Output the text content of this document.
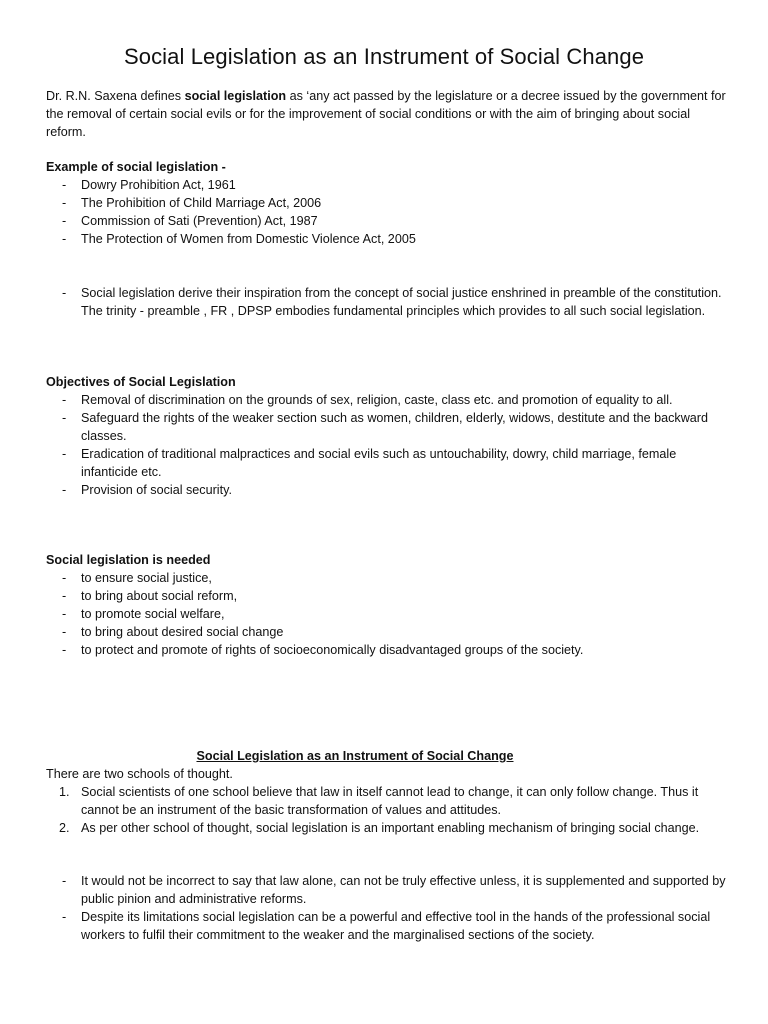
Social Legislation as an Instrument of Social Change

Dr. R.N. Saxena defines social legislation as ‘any act passed by the legislature or a decree issued by the government for the removal of certain social evils or for the improvement of social conditions or with the aim of bringing about social reform.

Example of social legislation -
- Dowry Prohibition Act, 1961
- The Prohibition of Child Marriage Act, 2006
- Commission of Sati (Prevention) Act, 1987
- The Protection of Women from Domestic Violence Act, 2005
- Social legislation derive their inspiration from the concept of social justice enshrined in preamble of the constitution. The trinity - preamble , FR , DPSP embodies fundamental principles which provides to all such social legislation.
Objectives of Social Legislation
- Removal of discrimination on the grounds of sex, religion, caste, class etc. and promotion of equality to all.
- Safeguard the rights of the weaker section such as women, children, elderly, widows, destitute and the backward classes.
- Eradication of traditional malpractices and social evils such as untouchability, dowry, child marriage, female infanticide etc.
- Provision of social security.
Social legislation is needed
- to ensure social justice,
- to bring about social reform,
- to promote social welfare,
- to bring about desired social change
- to protect and promote of rights of socioeconomically disadvantaged groups of the society.
Social Legislation as an Instrument of Social Change
There are two schools of thought.
1. Social scientists of one school believe that law in itself cannot lead to change, it can only follow change. Thus it cannot be an instrument of the basic transformation of values and attitudes.
2. As per other school of thought, social legislation is an important enabling mechanism of bringing social change.
- It would not be incorrect to say that law alone, can not be truly effective unless, it is supplemented and supported by public pinion and administrative reforms.
- Despite its limitations social legislation can be a powerful and effective tool in the hands of the professional social workers to fulfil their commitment to the weaker and the marginalised sections of the society.
